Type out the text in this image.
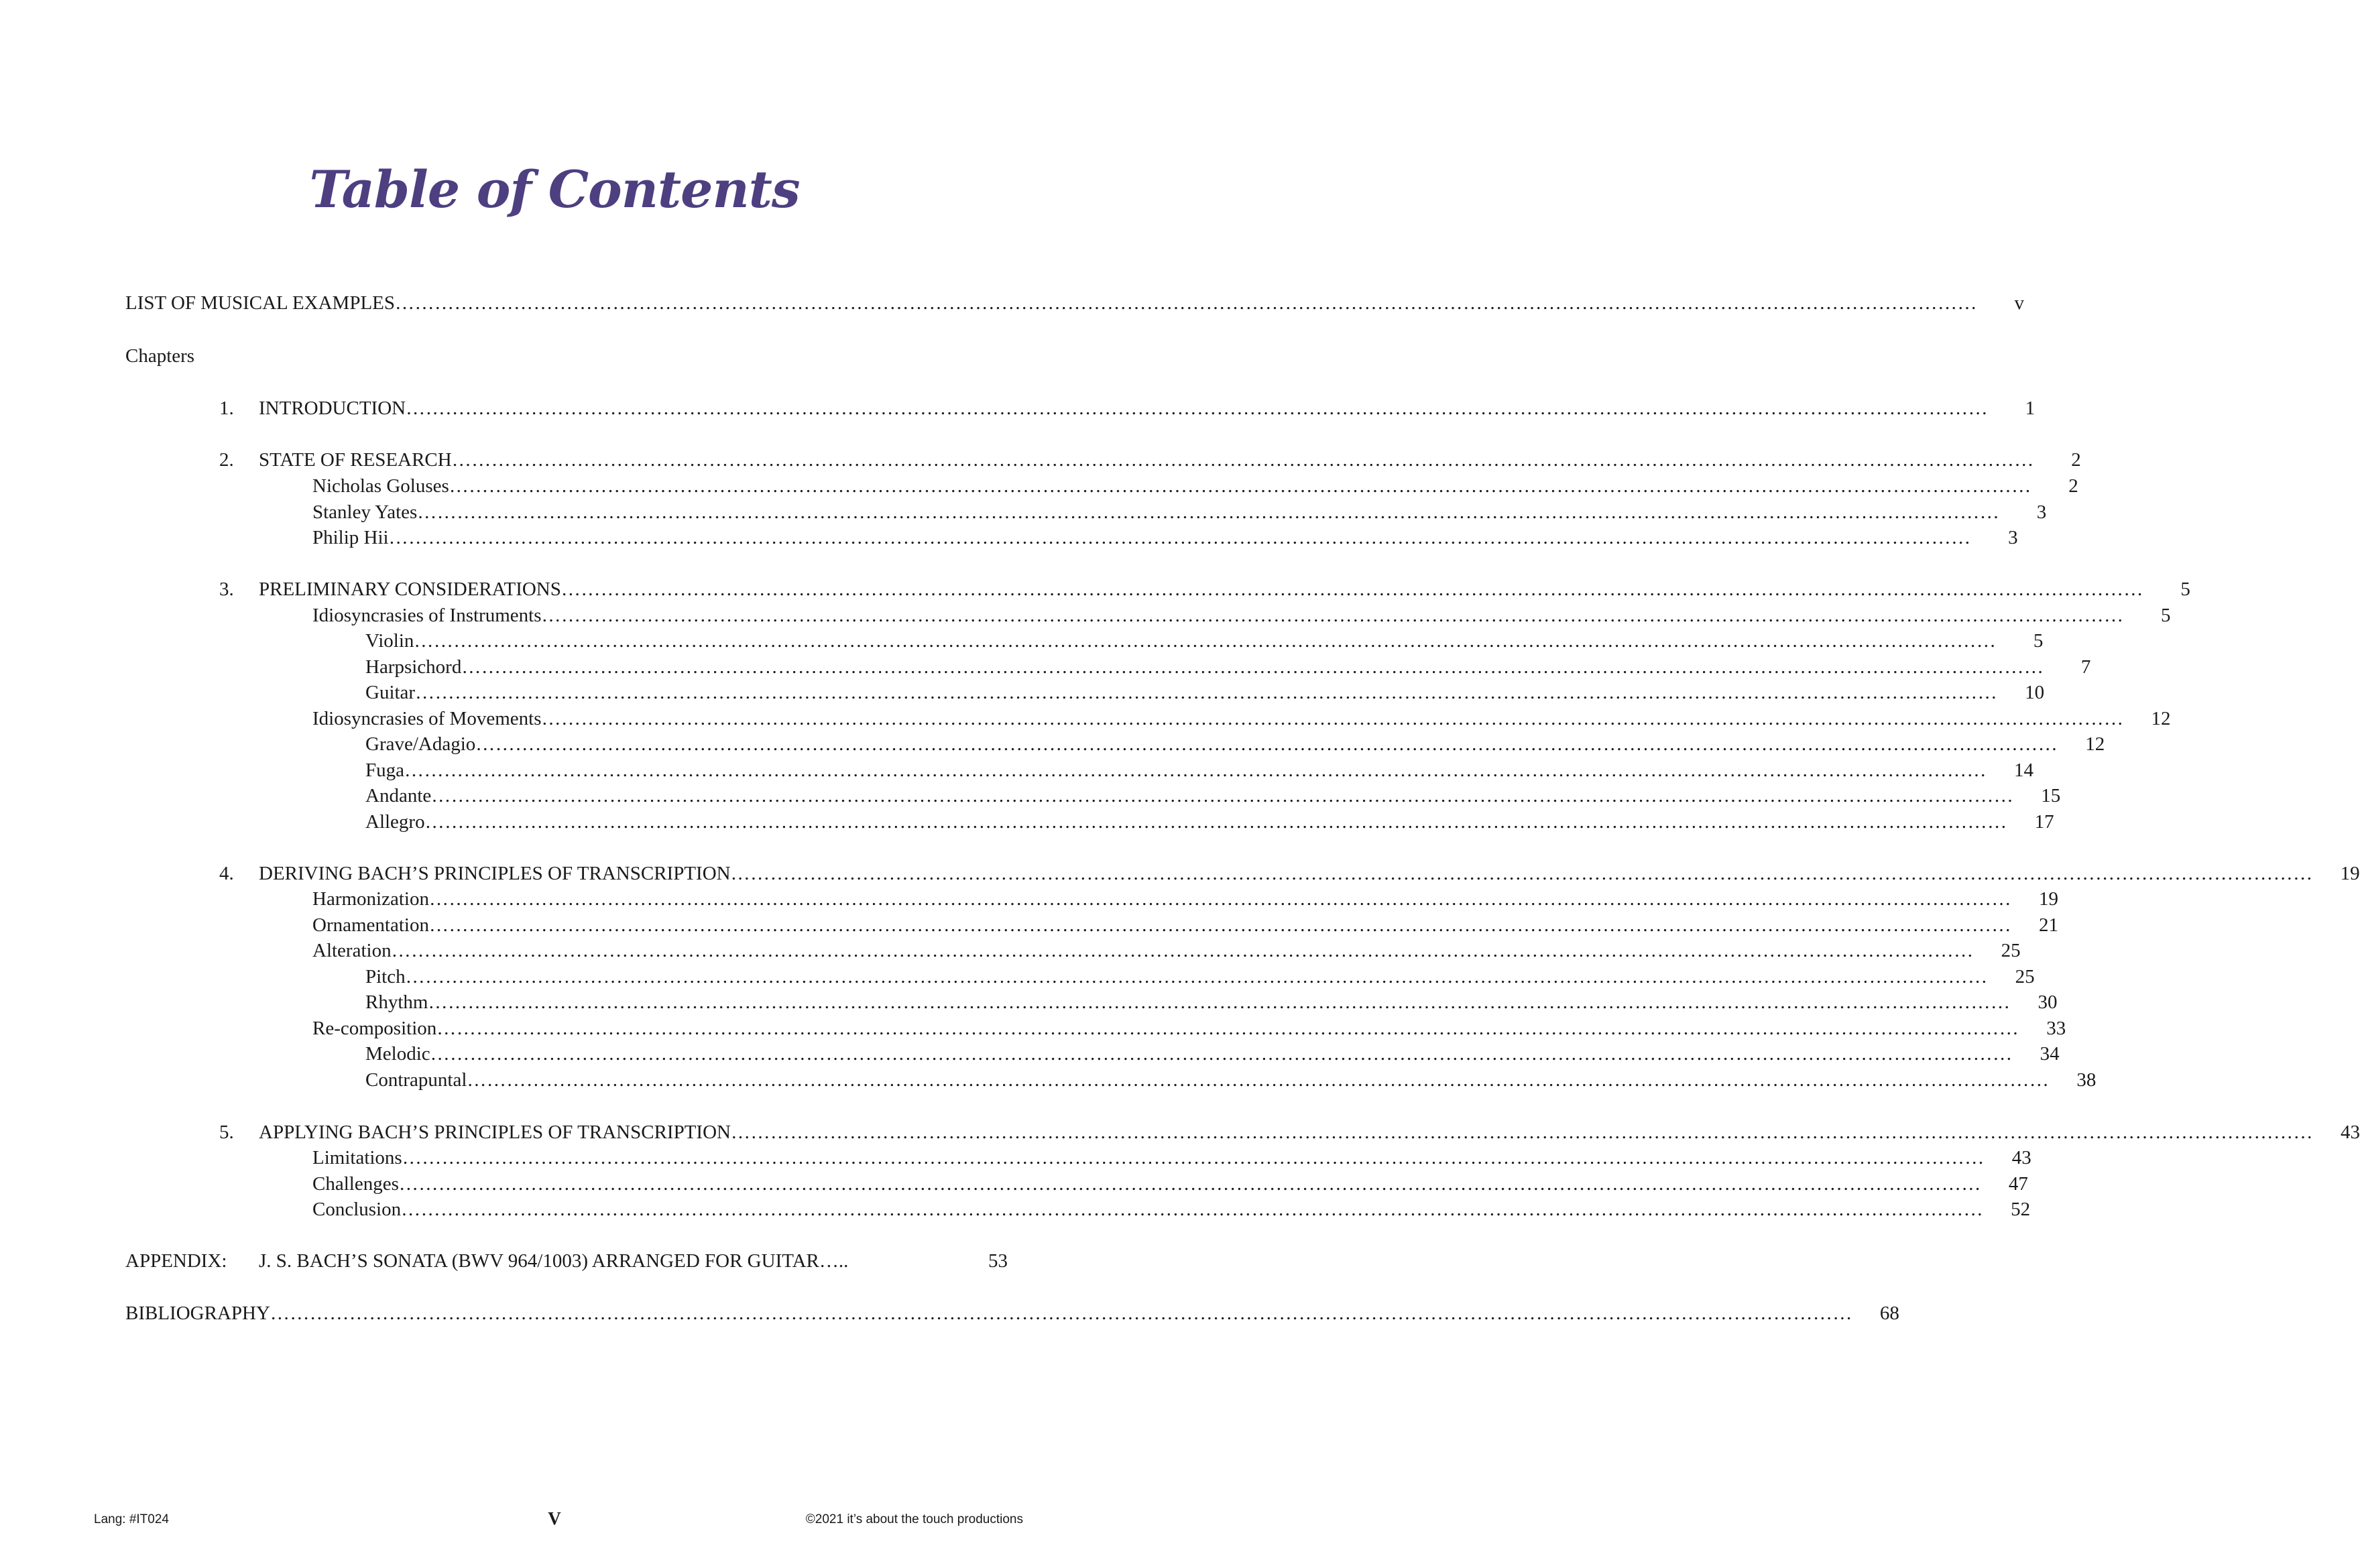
Table of Contents
LIST OF MUSICAL EXAMPLES……………………………………………………………………………………………………………………………………………………………………………………………………………………	v
Chapters
1. INTRODUCTION……………………………………………………………………………………………………………………………………………………………………………………………………………………	1
2. STATE OF RESEARCH……………………………………………………………………………………………………………………………………………………………………………………………………………………	2
Nicholas Goluses……………………………………………………………………………………………………………………………………………………………………………………………………………………	2
Stanley Yates……………………………………………………………………………………………………………………………………………………………………………………………………………………	3
Philip Hii……………………………………………………………………………………………………………………………………………………………………………………………………………………	3
3. PRELIMINARY CONSIDERATIONS……………………………………………………………………………………………………………………………………………………………………………………………………………………	5
Idiosyncrasies of Instruments……………………………………………………………………………………………………………………………………………………………………………………………………………………	5
Violin……………………………………………………………………………………………………………………………………………………………………………………………………………………	5
Harpsichord……………………………………………………………………………………………………………………………………………………………………………………………………………………	7
Guitar……………………………………………………………………………………………………………………………………………………………………………………………………………………	10
Idiosyncrasies of Movements……………………………………………………………………………………………………………………………………………………………………………………………………………………	12
Grave/Adagio……………………………………………………………………………………………………………………………………………………………………………………………………………………	12
Fuga……………………………………………………………………………………………………………………………………………………………………………………………………………………	14
Andante……………………………………………………………………………………………………………………………………………………………………………………………………………………	15
Allegro……………………………………………………………………………………………………………………………………………………………………………………………………………………	17
4. DERIVING BACH’S PRINCIPLES OF TRANSCRIPTION……………………………………………………………………………………………………………………………………………………………………………………………………………………	19
Harmonization……………………………………………………………………………………………………………………………………………………………………………………………………………………	19
Ornamentation……………………………………………………………………………………………………………………………………………………………………………………………………………………	21
Alteration……………………………………………………………………………………………………………………………………………………………………………………………………………………	25
Pitch……………………………………………………………………………………………………………………………………………………………………………………………………………………	25
Rhythm……………………………………………………………………………………………………………………………………………………………………………………………………………………	30
Re-composition……………………………………………………………………………………………………………………………………………………………………………………………………………………	33
Melodic……………………………………………………………………………………………………………………………………………………………………………………………………………………	34
Contrapuntal……………………………………………………………………………………………………………………………………………………………………………………………………………………	38
5. APPLYING BACH’S PRINCIPLES OF TRANSCRIPTION……………………………………………………………………………………………………………………………………………………………………………………………………………………	43
Limitations……………………………………………………………………………………………………………………………………………………………………………………………………………………	43
Challenges……………………………………………………………………………………………………………………………………………………………………………………………………………………	47
Conclusion……………………………………………………………………………………………………………………………………………………………………………………………………………………	52
APPENDIX: J. S. BACH’S SONATA (BWV 964/1003) ARRANGED FOR GUITAR…..	53
BIBLIOGRAPHY……………………………………………………………………………………………………………………………………………………………………………………………………………………	68
Lang: #IT024	V	©2021 it’s about the touch productions
